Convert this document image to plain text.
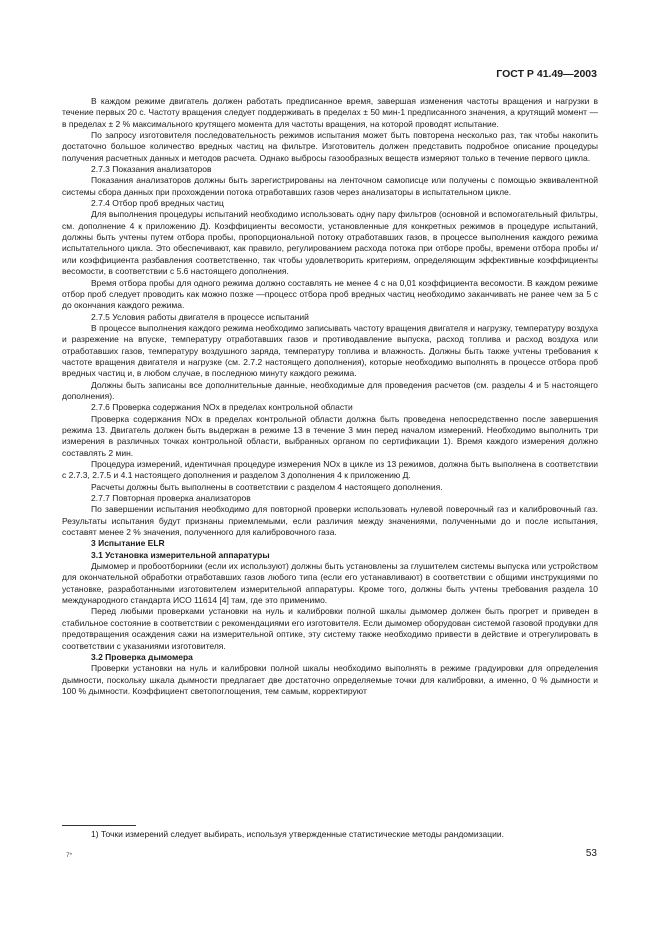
ГОСТ Р 41.49—2003

В каждом режиме двигатель должен работать предписанное время, завершая изменения частоты вращения и нагрузки в течение первых 20 с. Частоту вращения следует поддерживать в пределах ± 50 мин-1 предписанного значения, а крутящий момент — в пределах ± 2 % максимального крутящего момента для частоты вращения, на которой проводят испытание.

По запросу изготовителя последовательность режимов испытания может быть повторена несколько раз, так чтобы накопить достаточно большое количество вредных частиц на фильтре. Изготовитель должен представить подробное описание процедуры получения расчетных данных и методов расчета. Однако выбросы газообразных веществ измеряют только в течение первого цикла.

2.7.3 Показания анализаторов

Показания анализаторов должны быть зарегистрированы на ленточном самописце или получены с помощью эквивалентной системы сбора данных при прохождении потока отработавших газов через анализаторы в испытательном цикле.

2.7.4 Отбор проб вредных частиц

Для выполнения процедуры испытаний необходимо использовать одну пару фильтров (основной и вспомогательный фильтры, см. дополнение 4 к приложению Д). Коэффициенты весомости, установленные для конкретных режимов в процедуре испытаний, должны быть учтены путем отбора пробы, пропорциональной потоку отработавших газов, в процессе выполнения каждого режима испытательного цикла. Это обеспечивают, как правило, регулированием расхода потока при отборе пробы, времени отбора пробы и/или коэффициента разбавления соответственно, так чтобы удовлетворить критериям, определяющим эффективные коэффициенты весомости, в соответствии с 5.6 настоящего дополнения.

Время отбора пробы для одного режима должно составлять не менее 4 с на 0,01 коэффициента весомости. В каждом режиме отбор проб следует проводить как можно позже —процесс отбора проб вредных частиц необходимо заканчивать не ранее чем за 5 с до окончания каждого режима.

2.7.5 Условия работы двигателя в процессе испытаний

В процессе выполнения каждого режима необходимо записывать частоту вращения двигателя и нагрузку, температуру воздуха и разрежение на впуске, температуру отработавших газов и противодавление выпуска, расход топлива и расход воздуха или отработавших газов, температуру воздушного заряда, температуру топлива и влажность. Должны быть также учтены требования к частоте вращения двигателя и нагрузке (см. 2.7.2 настоящего дополнения), которые необходимо выполнять в процессе отбора проб вредных частиц и, в любом случае, в последнюю минуту каждого режима.

Должны быть записаны все дополнительные данные, необходимые для проведения расчетов (см. разделы 4 и 5 настоящего дополнения).

2.7.6 Проверка содержания NOx в пределах контрольной области

Проверка содержания NOx в пределах контрольной области должна быть проведена непосредственно после завершения режима 13. Двигатель должен быть выдержан в режиме 13 в течение 3 мин перед началом измерений. Необходимо выполнить три измерения в различных точках контрольной области, выбранных органом по сертификации 1). Время каждого измерения должно составлять 2 мин.

Процедура измерений, идентичная процедуре измерения NOx в цикле из 13 режимов, должна быть выполнена в соответствии с 2.7.3, 2.7.5 и 4.1 настоящего дополнения и разделом 3 дополнения 4 к приложению Д.

Расчеты должны быть выполнены в соответствии с разделом 4 настоящего дополнения.

2.7.7 Повторная проверка анализаторов

По завершении испытания необходимо для повторной проверки использовать нулевой поверочный газ и калибровочный газ. Результаты испытания будут признаны приемлемыми, если различия между значениями, полученными до и после испытания, составят менее 2 % значения, полученного для калибровочного газа.

3 Испытание ELR

3.1 Установка измерительной аппаратуры

Дымомер и пробоотборники (если их используют) должны быть установлены за глушителем системы выпуска или устройством для окончательной обработки отработавших газов любого типа (если его устанавливают) в соответствии с общими инструкциями по установке, разработанными изготовителем измерительной аппаратуры. Кроме того, должны быть учтены требования раздела 10 международного стандарта ИСО 11614 [4] там, где это применимо.

Перед любыми проверками установки на нуль и калибровки полной шкалы дымомер должен быть прогрет и приведен в стабильное состояние в соответствии с рекомендациями его изготовителя. Если дымомер оборудован системой газовой продувки для предотвращения осаждения сажи на измерительной оптике, эту систему также необходимо привести в действие и отрегулировать в соответствии с указаниями изготовителя.

3.2 Проверка дымомера

Проверки установки на нуль и калибровки полной шкалы необходимо выполнять в режиме градуировки для определения дымности, поскольку шкала дымности предлагает две достаточно определяемые точки для калибровки, а именно, 0 % дымности и 100 % дымности. Коэффициент светопоглощения, тем самым, корректируют

1) Точки измерений следует выбирать, используя утвержденные статистические методы рандомизации.
7*	53
